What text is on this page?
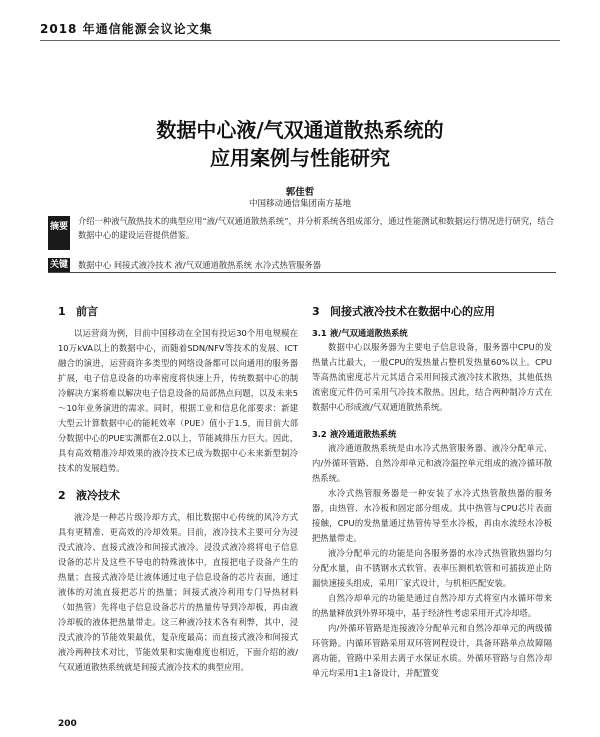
2018 年通信能源会议论文集
数据中心液/气双通道散热系统的
应用案例与性能研究
郭佳哲
中国移动通信集团南方基地
摘要
介绍一种液气散热技术的典型应用“液/气双通道散热系统”，并分析系统各组成部分，通过性能测试和数据运行情况进行研究，结合数据中心的建设运营提供借鉴。
关键词
数据中心 间接式液冷技术 液/气双通道散热系统 水冷式热管服务器
1 前言

以运营商为例，目前中国移动在全国有投运30个用电规模在10万kVA以上的数据中心，而随着SDN/NFV等技术的发展、ICT融合的演进，运营商许多类型的网络设备都可以向通用的服务器扩展，电子信息设备的功率密度将快速上升，传统数据中心的制冷解决方案将难以解决电子信息设备的局部热点问题，以及未来5～10年业务演进的需求。同时，根据工业和信息化部要求：新建大型云计算数据中心的能耗效率（PUE）值小于1.5，而目前大部分数据中心的PUE实测都在2.0以上，节能减排压力巨大。因此，具有高效精准冷却效果的液冷技术已成为数据中心未来新型制冷技术的发展趋势。

2 液冷技术

液冷是一种芯片级冷却方式，相比数据中心传统的风冷方式具有更精准、更高效的冷却效果。目前，液冷技术主要可分为浸没式液冷、直接式液冷和间接式液冷。浸没式液冷将将电子信息设备的芯片及这些不导电的特殊液体中，直接把电子设备产生的热量；直接式液冷是让液体通过电子信息设备的芯片表面，通过液体的对流直接把芯片的热量；间接式液冷利用专门导热材料（如热管）先将电子信息设备芯片的热量传导到冷却板，再由液冷却板的液体把热量带走。这三种液冷技术各有利弊，其中，浸没式液冷的节能效果最优，复杂度最高；而直接式液冷和间接式液冷两种技术对比，节能效果和实施难度也相近，下面介绍的液/气双通道散热系统就是间接式液冷技术的典型应用。

3 间接式液冷技术在数据中心的应用
3.1 液/气双通道散热系统

数据中心以服务器为主要电子信息设备，服务器中CPU的发热量占比最大，一般CPU的发热量占整机发热量60%以上。CPU等高热流密度芯片元其适合采用间接式液冷技术散热，其他低热流密度元件仍可采用气冷技术散热。因此，结合两种制冷方式在数据中心形成液/气双通道散热系统。

3.2 液冷通道散热系统

液冷通道散热系统是由水冷式热管服务器、液冷分配单元、内/外循环管路、自然冷却单元和液冷温控单元组成的液冷循环散热系统。

水冷式热管服务器是一种安装了水冷式热管散热器的服务器，由热管、水冷板和固定部分组成。其中热管与CPU芯片表面接触，CPU的发热量通过热管传导至水冷板，再由水流经水冷板把热量带走。

液冷分配单元的功能是向各服务器的水冷式热管散热器均匀分配水量，由不锈钢水式软管、表率压测机软管和可插拔逆止防漏快速接头组成，采用厂家式设计，与机柜匹配安装。

自然冷却单元的功能是通过自然冷却方式将室内水循环带来的热量释放到外界环境中，基于经济性考虑采用开式冷却塔。

内/外循环管路是连接液冷分配单元和自然冷却单元的两级循环管路。内循环管路采用双环管网程设计，具备环路单点故障隔离功能，管路中采用去离子水保证水质。外循环管路与自然冷却单元均采用1主1备设计，并配置变

200
